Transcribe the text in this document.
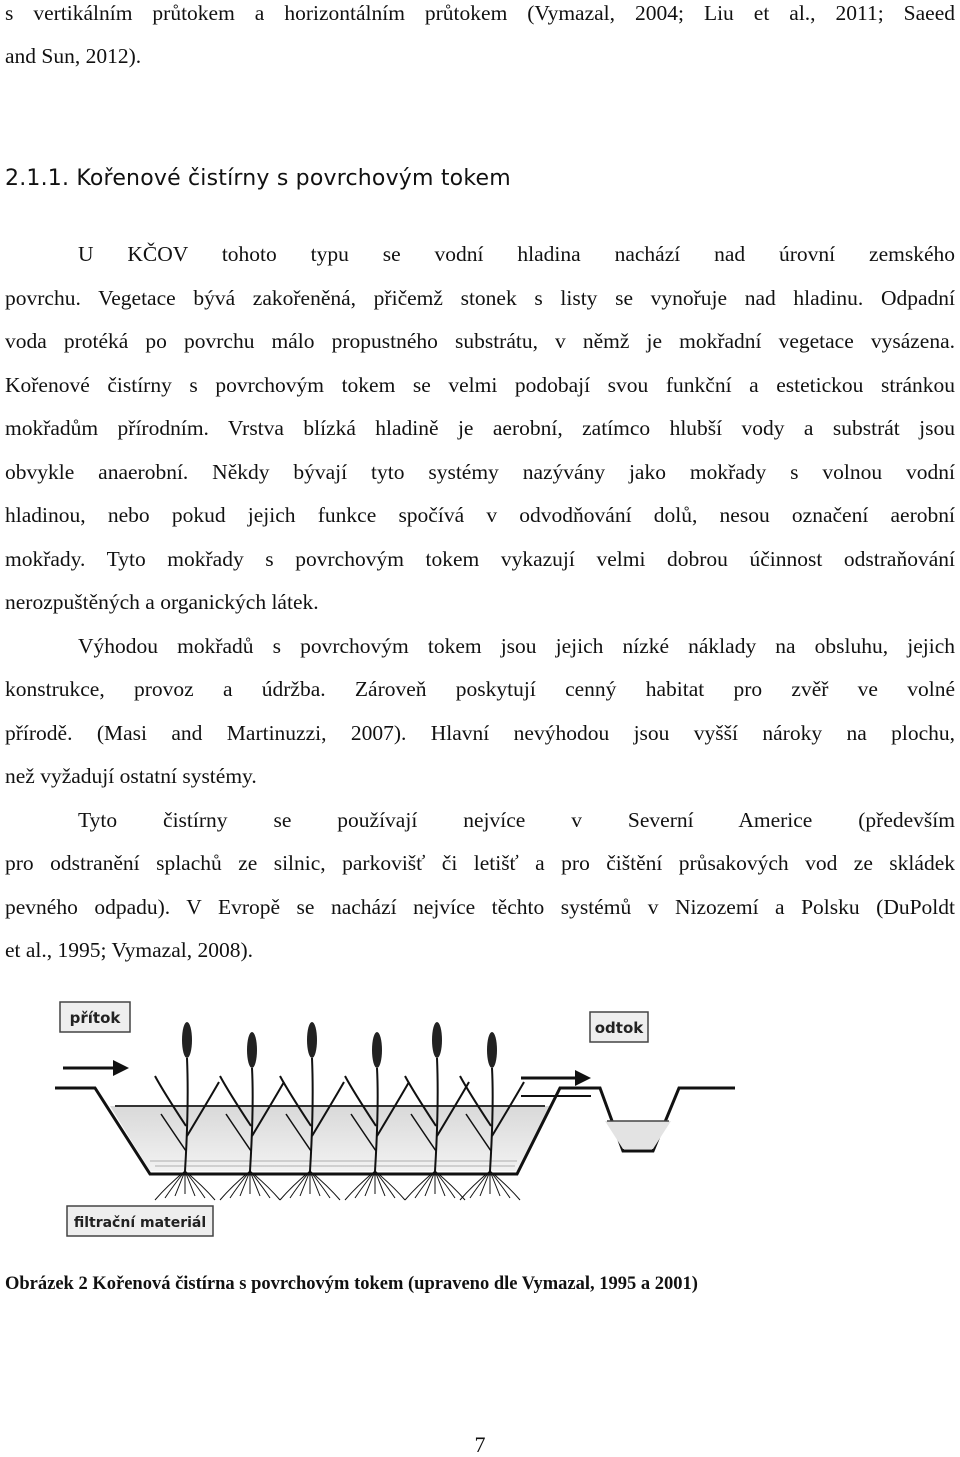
s vertikálním průtokem a horizontálním průtokem (Vymazal, 2004; Liu et al., 2011; Saeed
and Sun, 2012).
2.1.1. Kořenové čistírny s povrchovým tokem
U KČOV tohoto typu se vodní hladina nachází nad úrovní zemského
povrchu. Vegetace bývá zakořeněná, přičemž stonek s listy se vynořuje nad hladinu. Odpadní
voda protéká po povrchu málo propustného substrátu, v němž je mokřadní vegetace vysázena.
Kořenové čistírny s povrchovým tokem se velmi podobají svou funkční a estetickou stránkou
mokřadům přírodním. Vrstva blízká hladině je aerobní, zatímco hlubší vody a substrát jsou
obvykle anaerobní. Někdy bývají tyto systémy nazývány jako mokřady s volnou vodní
hladinou, nebo pokud jejich funkce spočívá v odvodňování dolů, nesou označení aerobní
mokřady. Tyto mokřady s povrchovým tokem vykazují velmi dobrou účinnost odstraňování
nerozpuštěných a organických látek.
Výhodou mokřadů s povrchovým tokem jsou jejich nízké náklady na obsluhu, jejich
konstrukce, provoz a údržba. Zároveň poskytují cenný habitat pro zvěř ve volné
přírodě. (Masi and Martinuzzi, 2007). Hlavní nevýhodou jsou vyšší nároky na plochu,
než vyžadují ostatní systémy.
Tyto čistírny se používají nejvíce v Severní Americe (především
pro odstranění splachů ze silnic, parkovišť či letišť a pro čištění průsakových vod ze skládek
pevného odpadu). V Evropě se nachází nejvíce těchto systémů v Nizozemí a Polsku (DuPoldt
et al., 1995; Vymazal, 2008).
přítok
odtok
filtrační materiál
Obrázek 2 Kořenová čistírna s povrchovým tokem (upraveno dle Vymazal, 1995 a 2001)
7
